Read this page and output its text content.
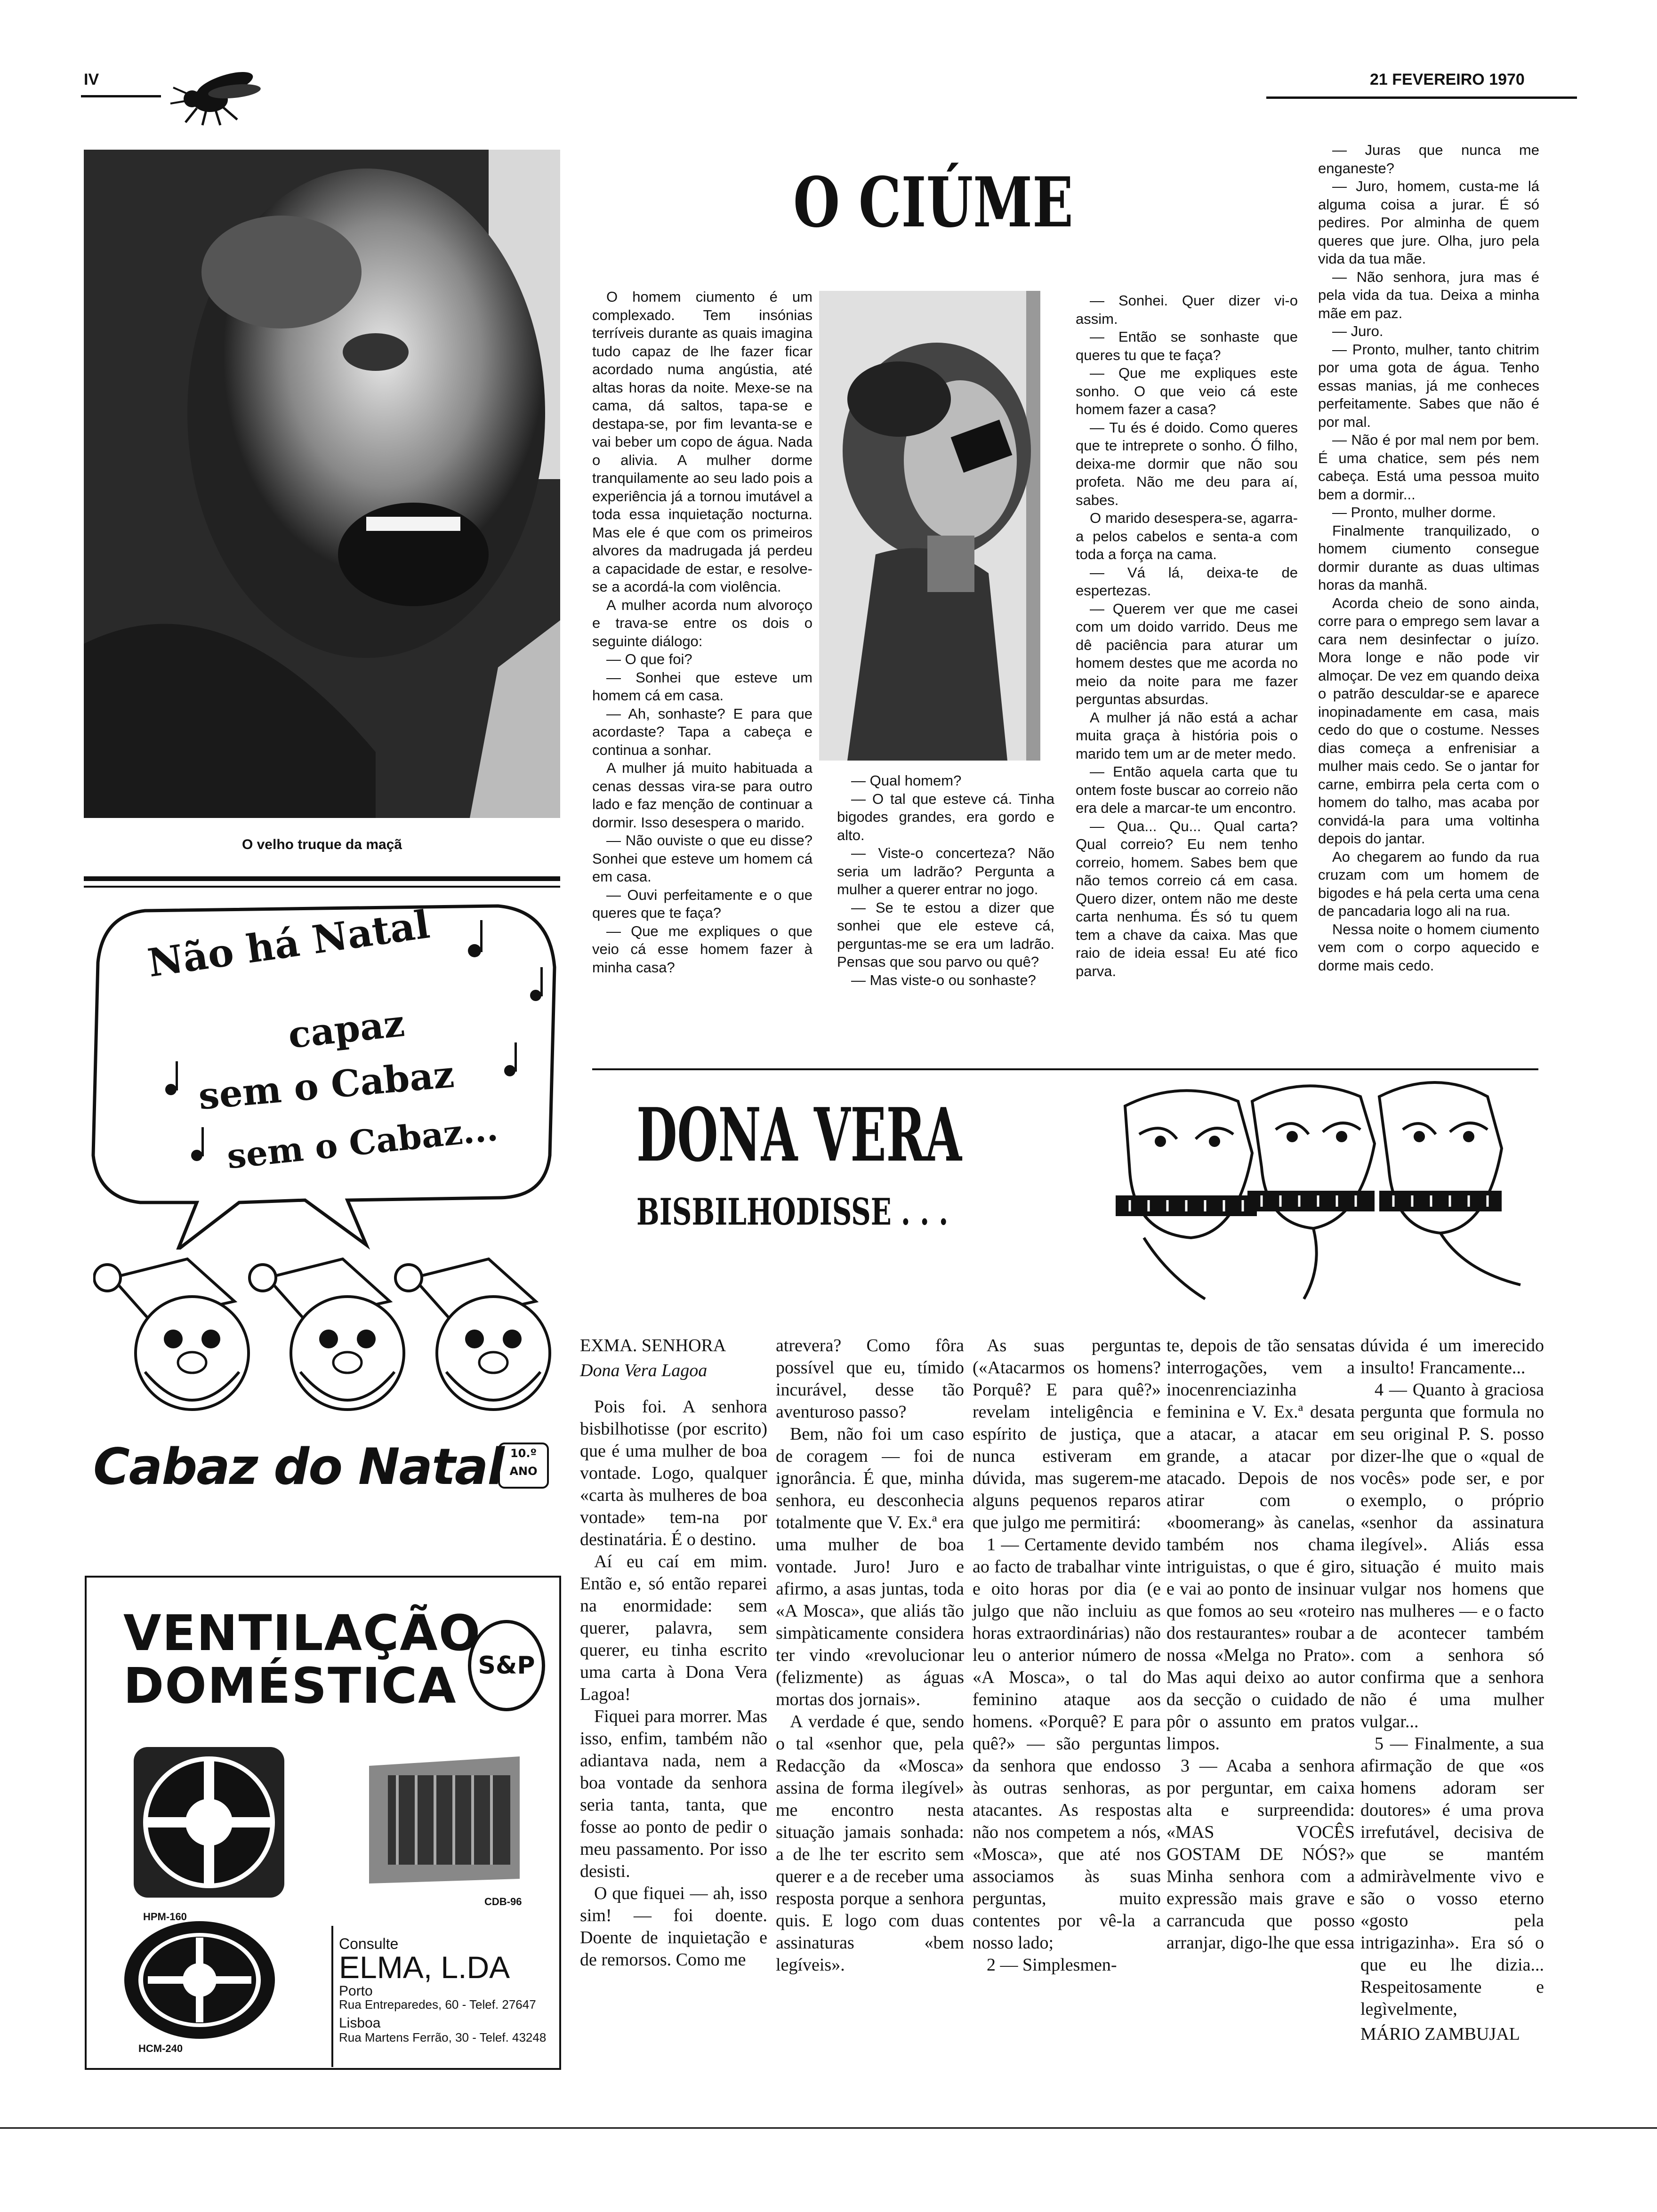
IV	21 FEVEREIRO 1970
O velho truque da maçã
O CIÚME

O homem ciumento é um complexado. Tem insónias terríveis durante as quais imagina tudo capaz de lhe fazer ficar acordado numa angústia, até altas horas da noite. Mexe-se na cama, dá saltos, tapa-se e destapa-se, por fim levanta-se e vai beber um copo de água. Nada o alivia. A mulher dorme tranquilamente ao seu lado pois a experiência já a tornou imutável a toda essa inquietação nocturna. Mas ele é que com os primeiros alvores da madrugada já perdeu a capacidade de estar, e resolve-se a acordá-la com violência.

A mulher acorda num alvoroço e trava-se entre os dois o seguinte diálogo:

— O que foi?

— Sonhei que esteve um homem cá em casa.

— Ah, sonhaste? E para que acordaste? Tapa a cabeça e continua a sonhar.

A mulher já muito habituada a cenas dessas vira-se para outro lado e faz menção de continuar a dormir. Isso desespera o marido.

— Não ouviste o que eu disse? Sonhei que esteve um homem cá em casa.

— Ouvi perfeitamente e o que queres que te faça?

— Que me expliques o que veio cá esse homem fazer à minha casa?

— Qual homem?

— O tal que esteve cá. Tinha bigodes grandes, era gordo e alto.

— Viste-o concerteza? Não seria um ladrão? Pergunta a mulher a querer entrar no jogo.

— Se te estou a dizer que sonhei que ele esteve cá, perguntas-me se era um ladrão. Pensas que sou parvo ou quê?

— Mas viste-o ou sonhaste?

— Sonhei. Quer dizer vi-o assim.

— Então se sonhaste que queres tu que te faça?

— Que me expliques este sonho. O que veio cá este homem fazer a casa?

— Tu és é doido. Como queres que te intreprete o sonho. Ó filho, deixa-me dormir que não sou profeta. Não me deu para aí, sabes.

O marido desespera-se, agarra-a pelos cabelos e senta-a com toda a força na cama.

— Vá lá, deixa-te de espertezas.

— Querem ver que me casei com um doido varrido. Deus me dê paciência para aturar um homem destes que me acorda no meio da noite para me fazer perguntas absurdas.

A mulher já não está a achar muita graça à história pois o marido tem um ar de meter medo.

— Então aquela carta que tu ontem foste buscar ao correio não era dele a marcar-te um encontro.

— Qua... Qu... Qual carta? Qual correio? Eu nem tenho correio, homem. Sabes bem que não temos correio cá em casa. Quero dizer, ontem não me deste carta nenhuma. És só tu quem tem a chave da caixa. Mas que raio de ideia essa! Eu até fico parva.

— Juras que nunca me enganeste?

— Juro, homem, custa-me lá alguma coisa a jurar. É só pedires. Por alminha de quem queres que jure. Olha, juro pela vida da tua mãe.

— Não senhora, jura mas é pela vida da tua. Deixa a minha mãe em paz.

— Juro.

— Pronto, mulher, tanto chitrim por uma gota de água. Tenho essas manias, já me conheces perfeitamente. Sabes que não é por mal.

— Não é por mal nem por bem. É uma chatice, sem pés nem cabeça. Está uma pessoa muito bem a dormir...

— Pronto, mulher dorme.

Finalmente tranquilizado, o homem ciumento consegue dormir durante as duas ultimas horas da manhã.

Acorda cheio de sono ainda, corre para o emprego sem lavar a cara nem desinfectar o juízo. Mora longe e não pode vir almoçar. De vez em quando deixa o patrão desculdar-se e aparece inopinadamente em casa, mais cedo do que o costume. Nesses dias começa a enfrenisiar a mulher mais cedo. Se o jantar for carne, embirra pela certa com o homem do talho, mas acaba por convidá-la para uma voltinha depois do jantar.

Ao chegarem ao fundo da rua cruzam com um homem de bigodes e há pela certa uma cena de pancadaria logo ali na rua.

Nessa noite o homem ciumento vem com o corpo aquecido e dorme mais cedo.

Não há Natal
capaz
sem o Cabaz
sem o Cabaz...
Cabaz do Natal 10.º
ANO
VENTILAÇÃO
DOMÉSTICA S&P
HPM-160
CDB-96
HCM-240
Consulte
ELMA, L.DA
Porto
Rua Entreparedes, 60 - Telef. 27647
Lisboa
Rua Martens Ferrão, 30 - Telef. 43248
DONA VERA
BISBILHODISSE . . .

EXMA. SENHORA

Dona Vera Lagoa

Pois foi. A senhora bisbilhotisse (por escrito) que é uma mulher de boa vontade. Logo, qualquer «carta às mulheres de boa vontade» tem-na por destinatária. É o destino.

Aí eu caí em mim. Então e, só então reparei na enormidade: sem querer, palavra, sem querer, eu tinha escrito uma carta à Dona Vera Lagoa!

Fiquei para morrer. Mas isso, enfim, também não adiantava nada, nem a boa vontade da senhora seria tanta, tanta, que fosse ao ponto de pedir o meu passamento. Por isso desisti.

O que fiquei — ah, isso sim! — foi doente. Doente de inquietação e de remorsos. Como me

atrevera? Como fôra possível que eu, tímido incurável, desse tão aventuroso passo?

Bem, não foi um caso de coragem — foi de ignorância. É que, minha senhora, eu desconhecia totalmente que V. Ex.ª era uma mulher de boa vontade. Juro! Juro e afirmo, a asas juntas, toda «A Mosca», que aliás tão simpàticamente considera ter vindo «revolucionar (felizmente) as águas mortas dos jornais».

A verdade é que, sendo o tal «senhor que, pela Redacção da «Mosca» assina de forma ilegível» me encontro nesta situação jamais sonhada: a de lhe ter escrito sem querer e a de receber uma resposta porque a senhora quis. E logo com duas assinaturas «bem legíveis».

As suas perguntas («Atacarmos os homens? Porquê? E para quê?» revelam inteligência e espírito de justiça, que nunca estiveram em dúvida, mas sugerem-me alguns pequenos reparos que julgo me permitirá:

1 — Certamente devido ao facto de trabalhar vinte e oito horas por dia (e julgo que não incluiu as horas extraordinárias) não leu o anterior número de «A Mosca», o tal do feminino ataque aos homens. «Porquê? E para quê?» — são perguntas da senhora que endosso às outras senhoras, as atacantes. As respostas não nos competem a nós, «Mosca», que até nos associamos às suas perguntas, muito contentes por vê-la a nosso lado;

2 — Simplesmen-

te, depois de tão sensatas interrogações, vem a inocenrenciazinha feminina e V. Ex.ª desata a atacar, a atacar em grande, a atacar por atacado. Depois de nos atirar com o «boomerang» às canelas, também nos chama intriguistas, o que é giro, e vai ao ponto de insinuar que fomos ao seu «roteiro dos restaurantes» roubar a nossa «Melga no Prato». Mas aqui deixo ao autor da secção o cuidado de pôr o assunto em pratos limpos.

3 — Acaba a senhora por perguntar, em caixa alta e surpreendida: «MAS VOCÊS GOSTAM DE NÓS?» Minha senhora com a expressão mais grave e carrancuda que posso arranjar, digo-lhe que essa

dúvida é um imerecido insulto! Francamente...

4 — Quanto à graciosa pergunta que formula no seu original P. S. posso dizer-lhe que o «qual de vocês» pode ser, e por exemplo, o próprio «senhor da assinatura ilegível». Aliás essa situação é muito mais vulgar nos homens que nas mulheres — e o facto de acontecer também com a senhora só confirma que a senhora não é uma mulher vulgar...

5 — Finalmente, a sua afirmação de que «os homens adoram ser doutores» é uma prova irrefutável, decisiva de que se mantém admiràvelmente vivo e são o vosso eterno «gosto pela intrigazinha». Era só o que eu lhe dizia... Respeitosamente e legìvelmente,

MÁRIO ZAMBUJAL
